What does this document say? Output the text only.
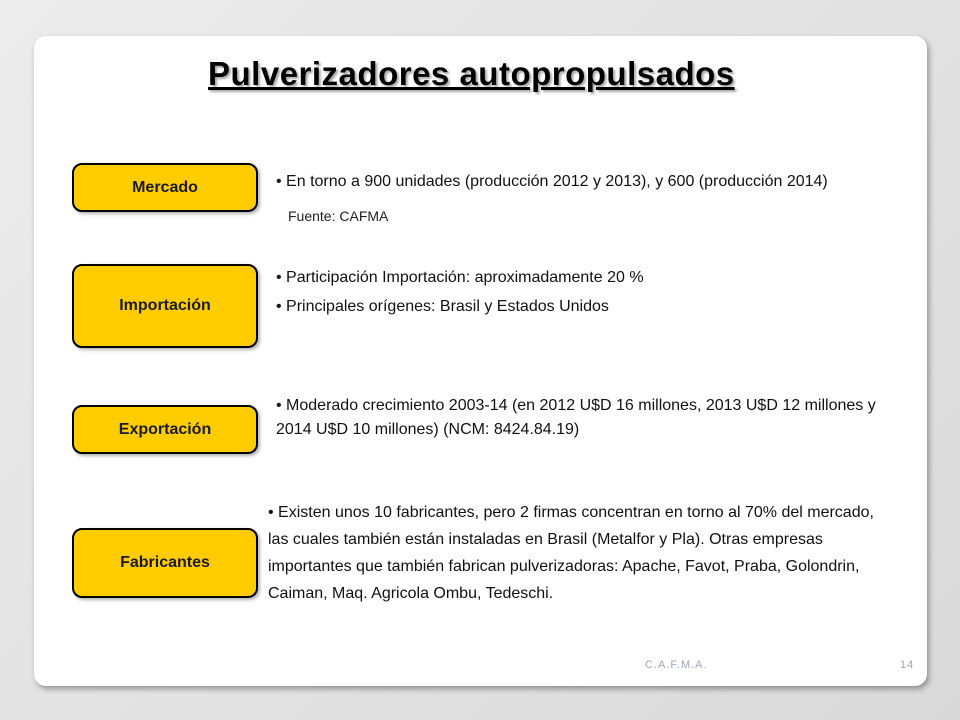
Pulverizadores autopropulsados
Mercado	• En torno a 900 unidades (producción 2012 y 2013), y 600 (producción 2014)
Fuente: CAFMA
Importación
• Participación Importación: aproximadamente 20 %
• Principales orígenes: Brasil y Estados Unidos
Exportación
• Moderado crecimiento 2003-14 (en 2012 U$D 16 millones, 2013 U$D 12 millones y 2014 U$D 10 millones) (NCM: 8424.84.19)
Fabricantes
• Existen unos 10 fabricantes, pero 2 firmas concentran en torno al 70% del mercado, las cuales también están instaladas en Brasil (Metalfor y Pla). Otras empresas importantes que también fabrican pulverizadoras: Apache, Favot, Praba, Golondrin, Caiman, Maq. Agricola Ombu, Tedeschi.
C.A.F.M.A.	14
